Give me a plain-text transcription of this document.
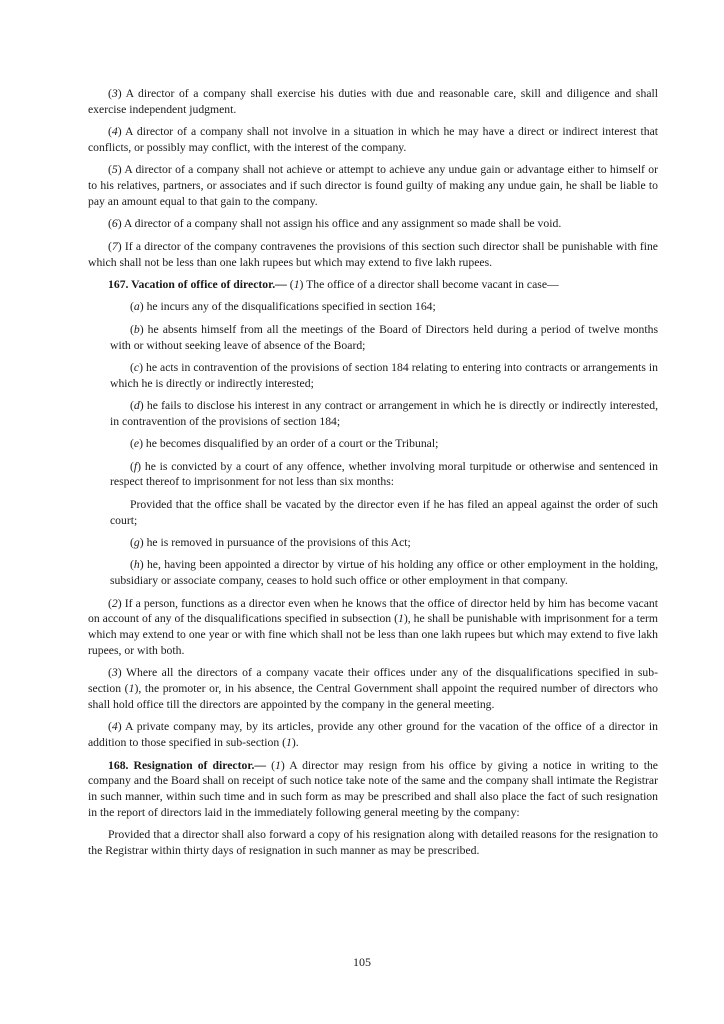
(3) A director of a company shall exercise his duties with due and reasonable care, skill and diligence and shall exercise independent judgment.

(4) A director of a company shall not involve in a situation in which he may have a direct or indirect interest that conflicts, or possibly may conflict, with the interest of the company.

(5) A director of a company shall not achieve or attempt to achieve any undue gain or advantage either to himself or to his relatives, partners, or associates and if such director is found guilty of making any undue gain, he shall be liable to pay an amount equal to that gain to the company.

(6) A director of a company shall not assign his office and any assignment so made shall be void.

(7) If a director of the company contravenes the provisions of this section such director shall be punishable with fine which shall not be less than one lakh rupees but which may extend to five lakh rupees.

167. Vacation of office of director.— (1) The office of a director shall become vacant in case—

(a) he incurs any of the disqualifications specified in section 164;

(b) he absents himself from all the meetings of the Board of Directors held during a period of twelve months with or without seeking leave of absence of the Board;

(c) he acts in contravention of the provisions of section 184 relating to entering into contracts or arrangements in which he is directly or indirectly interested;

(d) he fails to disclose his interest in any contract or arrangement in which he is directly or indirectly interested, in contravention of the provisions of section 184;

(e) he becomes disqualified by an order of a court or the Tribunal;

(f) he is convicted by a court of any offence, whether involving moral turpitude or otherwise and sentenced in respect thereof to imprisonment for not less than six months:

Provided that the office shall be vacated by the director even if he has filed an appeal against the order of such court;

(g) he is removed in pursuance of the provisions of this Act;

(h) he, having been appointed a director by virtue of his holding any office or other employment in the holding, subsidiary or associate company, ceases to hold such office or other employment in that company.

(2) If a person, functions as a director even when he knows that the office of director held by him has become vacant on account of any of the disqualifications specified in subsection (1), he shall be punishable with imprisonment for a term which may extend to one year or with fine which shall not be less than one lakh rupees but which may extend to five lakh rupees, or with both.

(3) Where all the directors of a company vacate their offices under any of the disqualifications specified in sub-section (1), the promoter or, in his absence, the Central Government shall appoint the required number of directors who shall hold office till the directors are appointed by the company in the general meeting.

(4) A private company may, by its articles, provide any other ground for the vacation of the office of a director in addition to those specified in sub-section (1).

168. Resignation of director.— (1) A director may resign from his office by giving a notice in writing to the company and the Board shall on receipt of such notice take note of the same and the company shall intimate the Registrar in such manner, within such time and in such form as may be prescribed and shall also place the fact of such resignation in the report of directors laid in the immediately following general meeting by the company:

Provided that a director shall also forward a copy of his resignation along with detailed reasons for the resignation to the Registrar within thirty days of resignation in such manner as may be prescribed.

105
